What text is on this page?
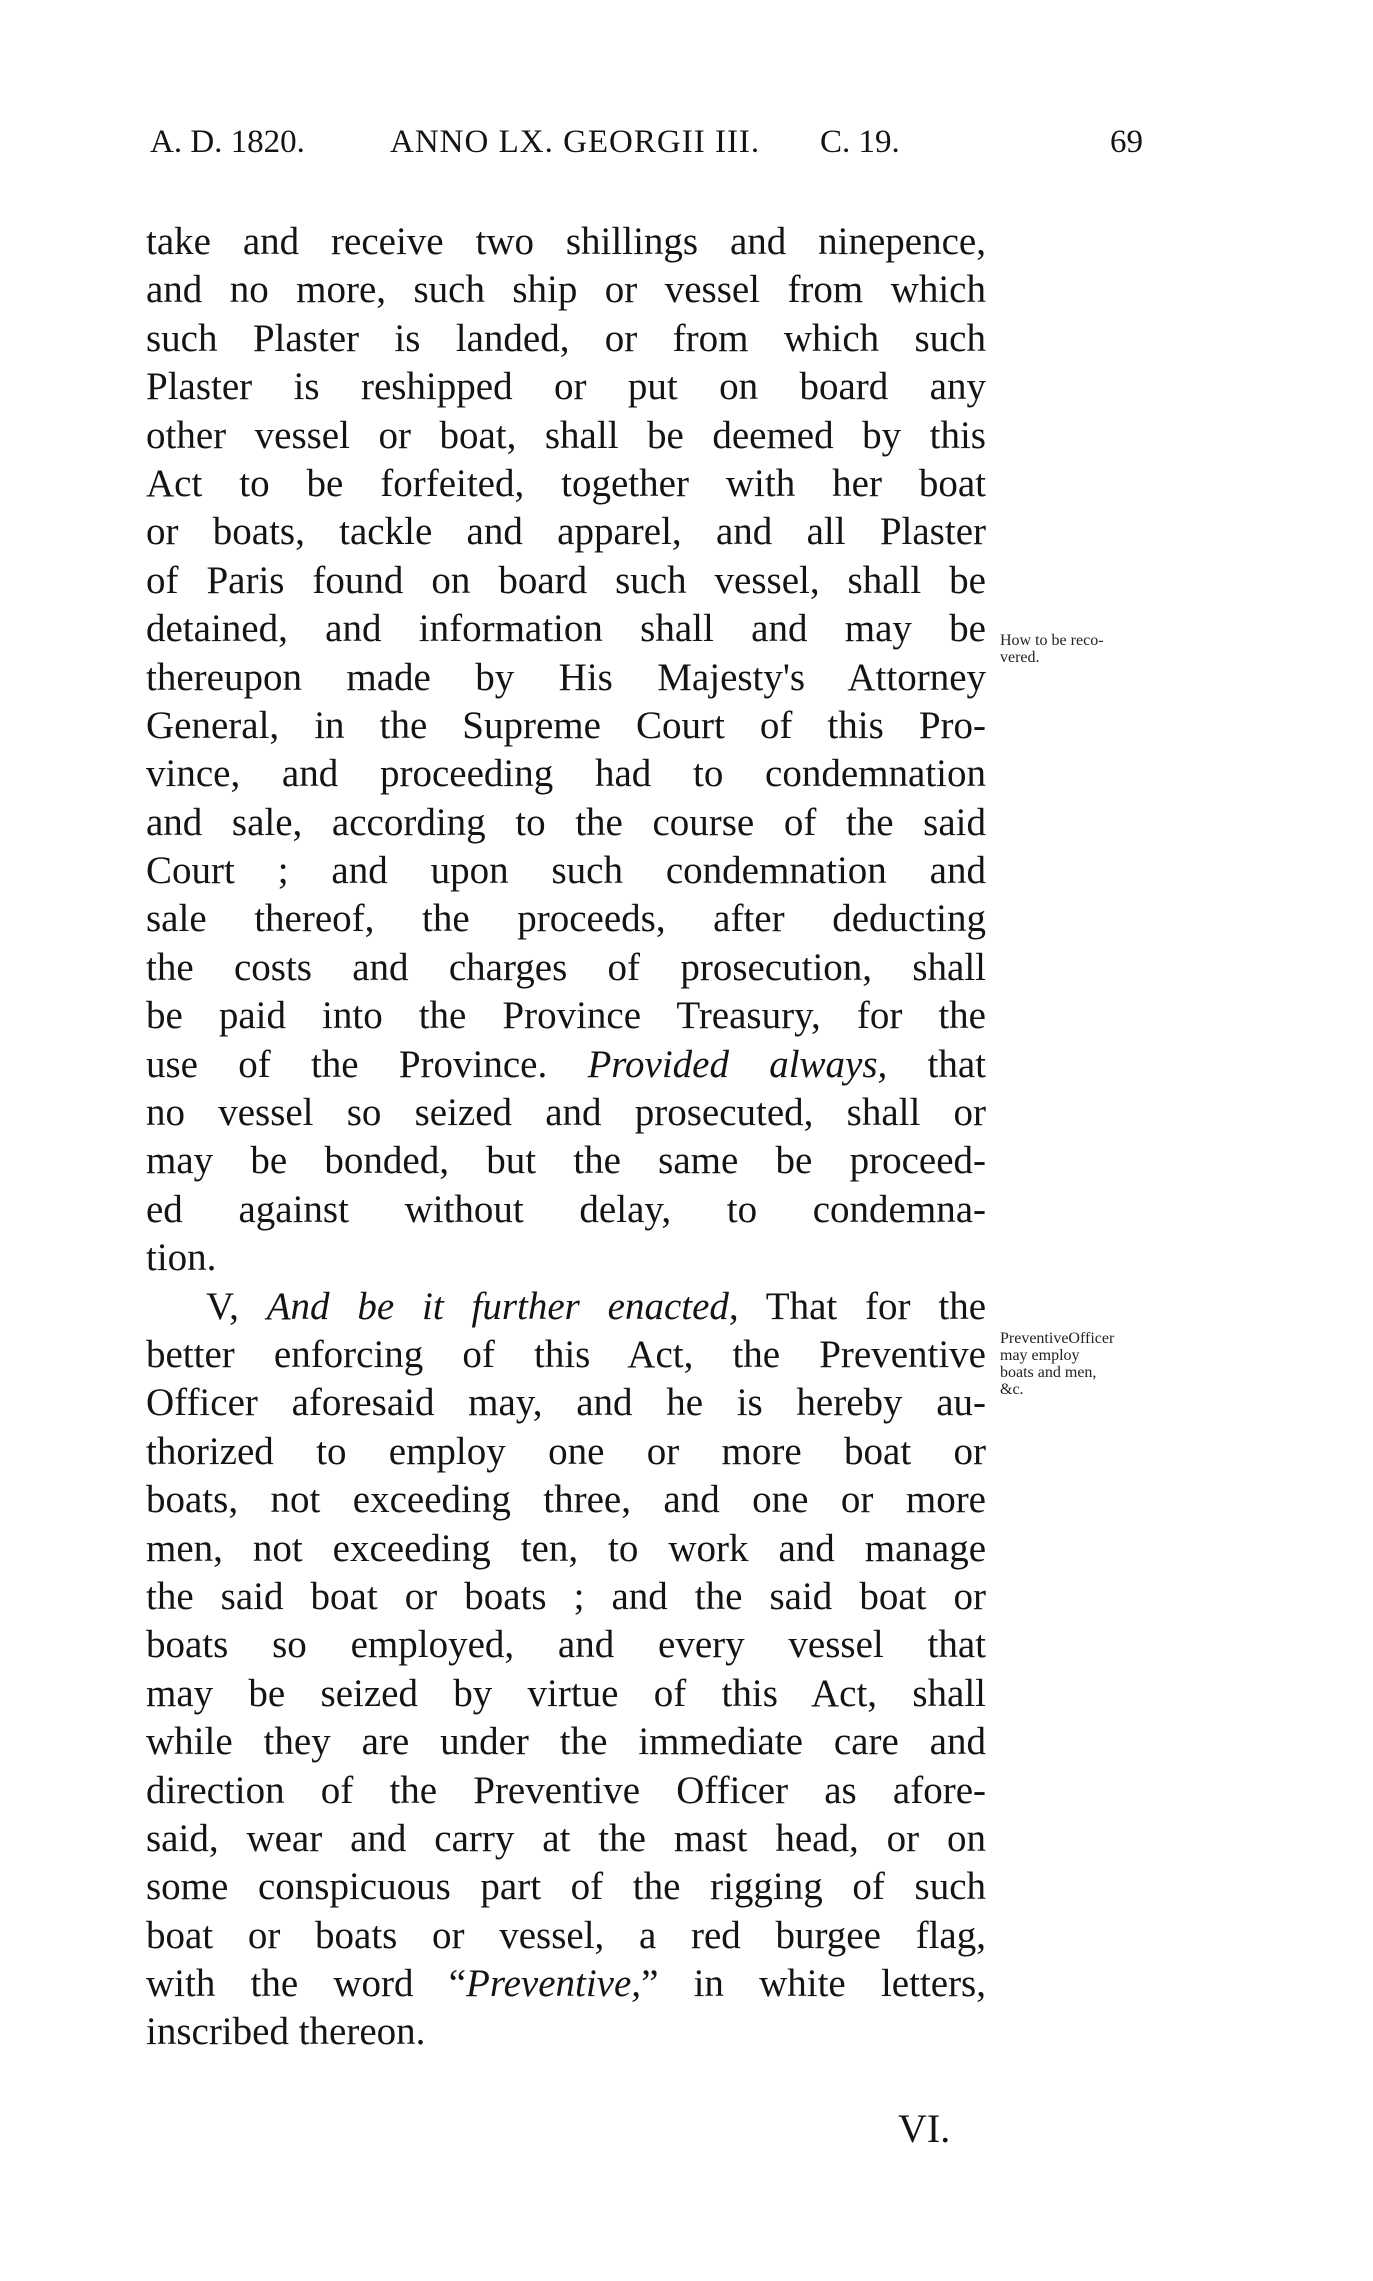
A. D. 1820.	ANNO LX. GEORGII III. C. 19.	69
take and receive two shillings and ninepence,
and no more, such ship or vessel from which
such Plaster is landed, or from which such
Plaster is reshipped or put on board any
other vessel or boat, shall be deemed by this
Act to be forfeited, together with her boat
or boats, tackle and apparel, and all Plaster
of Paris found on board such vessel, shall be
detained, and information shall and may be
thereupon made by His Majesty's Attorney
General, in the Supreme Court of this Pro-
vince, and proceeding had to condemnation
and sale, according to the course of the said
Court ; and upon such condemnation and
sale thereof, the proceeds, after deducting
the costs and charges of prosecution, shall
be paid into the Province Treasury, for the
use of the Province. Provided always, that
no vessel so seized and prosecuted, shall or
may be bonded, but the same be proceed-
ed against without delay, to condemna-
tion.
V, And be it further enacted, That for the
better enforcing of this Act, the Preventive
Officer aforesaid may, and he is hereby au-
thorized to employ one or more boat or
boats, not exceeding three, and one or more
men, not exceeding ten, to work and manage
the said boat or boats ; and the said boat or
boats so employed, and every vessel that
may be seized by virtue of this Act, shall
while they are under the immediate care and
direction of the Preventive Officer as afore-
said, wear and carry at the mast head, or on
some conspicuous part of the rigging of such
boat or boats or vessel, a red burgee flag,
with the word “Preventive,” in white letters,
inscribed thereon.
How to be reco-
vered.
PreventiveOfficer
may employ
boats and men,
&c.
VI.
